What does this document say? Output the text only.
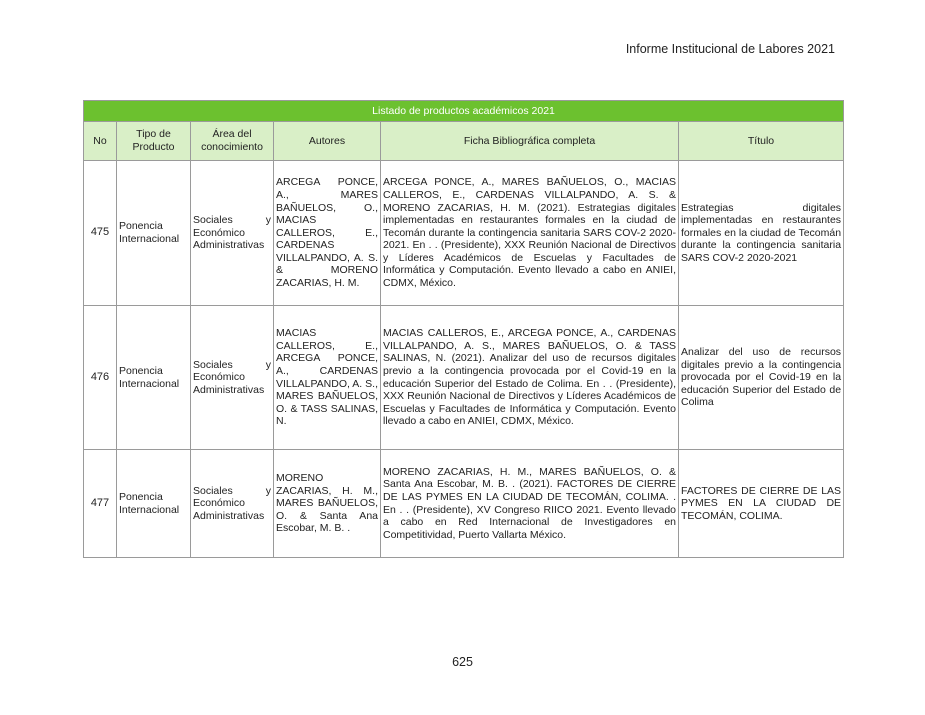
Informe Institucional de Labores 2021
Listado de productos académicos 2021					
No	Tipo de Producto	Área del conocimiento	Autores	Ficha Bibliográfica completa	Título
475	Ponencia Internacional	Sociales y Económico Administrativas	ARCEGA PONCE, A., MARES BAÑUELOS, O., MACIAS CALLEROS, E., CARDENAS VILLALPANDO, A. S. & MORENO ZACARIAS, H. M.	ARCEGA PONCE, A., MARES BAÑUELOS, O., MACIAS CALLEROS, E., CARDENAS VILLALPANDO, A. S. & MORENO ZACARIAS, H. M. (2021). Estrategias digitales implementadas en restaurantes formales en la ciudad de Tecomán durante la contingencia sanitaria SARS COV-2 2020-2021. En . . (Presidente), XXX Reunión Nacional de Directivos y Líderes Académicos de Escuelas y Facultades de Informática y Computación. Evento llevado a cabo en ANIEI, CDMX, México.	Estrategias digitales implementadas en restaurantes formales en la ciudad de Tecomán durante la contingencia sanitaria SARS COV-2 2020-2021
476	Ponencia Internacional	Sociales y Económico Administrativas	MACIAS CALLEROS, E., ARCEGA PONCE, A., CARDENAS VILLALPANDO, A. S., MARES BAÑUELOS, O. & TASS SALINAS, N.	MACIAS CALLEROS, E., ARCEGA PONCE, A., CARDENAS VILLALPANDO, A. S., MARES BAÑUELOS, O. & TASS SALINAS, N. (2021). Analizar del uso de recursos digitales previo a la contingencia provocada por el Covid-19 en la educación Superior del Estado de Colima. En . . (Presidente), XXX Reunión Nacional de Directivos y Líderes Académicos de Escuelas y Facultades de Informática y Computación. Evento llevado a cabo en ANIEI, CDMX, México.	Analizar del uso de recursos digitales previo a la contingencia provocada por el Covid-19 en la educación Superior del Estado de Colima
477	Ponencia Internacional	Sociales y Económico Administrativas	MORENO ZACARIAS, H. M., MARES BAÑUELOS, O. & Santa Ana Escobar, M. B. .	MORENO ZACARIAS, H. M., MARES BAÑUELOS, O. & Santa Ana Escobar, M. B. . (2021). FACTORES DE CIERRE DE LAS PYMES EN LA CIUDAD DE TECOMÁN, COLIMA. . En . . (Presidente), XV Congreso RIICO 2021. Evento llevado a cabo en Red Internacional de Investigadores en Competitividad, Puerto Vallarta México.	FACTORES DE CIERRE DE LAS PYMES EN LA CIUDAD DE TECOMÁN, COLIMA.
625
